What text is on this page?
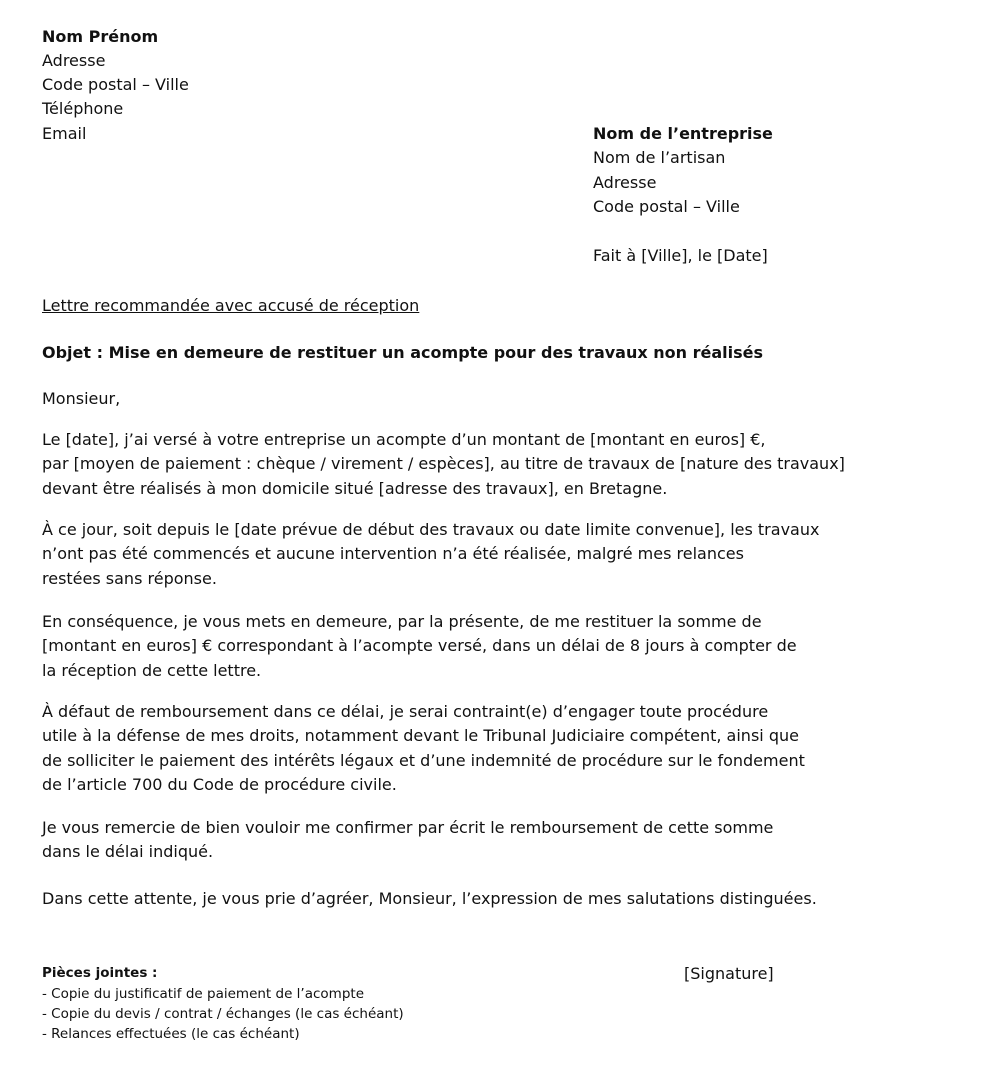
Nom Prénom
Adresse
Code postal – Ville
Téléphone
Email	Nom de l’entreprise
Nom de l’artisan
Adresse
Code postal – Ville
Fait à [Ville], le [Date]
Lettre recommandée avec accusé de réception
Objet : Mise en demeure de restituer un acompte pour des travaux non réalisés
Monsieur,
Le [date], j’ai versé à votre entreprise un acompte d’un montant de [montant en euros] €,
par [moyen de paiement : chèque / virement / espèces], au titre de travaux de [nature des travaux]
devant être réalisés à mon domicile situé [adresse des travaux], en Bretagne.
À ce jour, soit depuis le [date prévue de début des travaux ou date limite convenue], les travaux
n’ont pas été commencés et aucune intervention n’a été réalisée, malgré mes relances
restées sans réponse.
En conséquence, je vous mets en demeure, par la présente, de me restituer la somme de
[montant en euros] € correspondant à l’acompte versé, dans un délai de 8 jours à compter de
la réception de cette lettre.
À défaut de remboursement dans ce délai, je serai contraint(e) d’engager toute procédure
utile à la défense de mes droits, notamment devant le Tribunal Judiciaire compétent, ainsi que
de solliciter le paiement des intérêts légaux et d’une indemnité de procédure sur le fondement
de l’article 700 du Code de procédure civile.
Je vous remercie de bien vouloir me confirmer par écrit le remboursement de cette somme
dans le délai indiqué.
Dans cette attente, je vous prie d’agréer, Monsieur, l’expression de mes salutations distinguées.
Pièces jointes :
- Copie du justificatif de paiement de l’acompte
- Copie du devis / contrat / échanges (le cas échéant)
- Relances effectuées (le cas échéant)
[Signature]
